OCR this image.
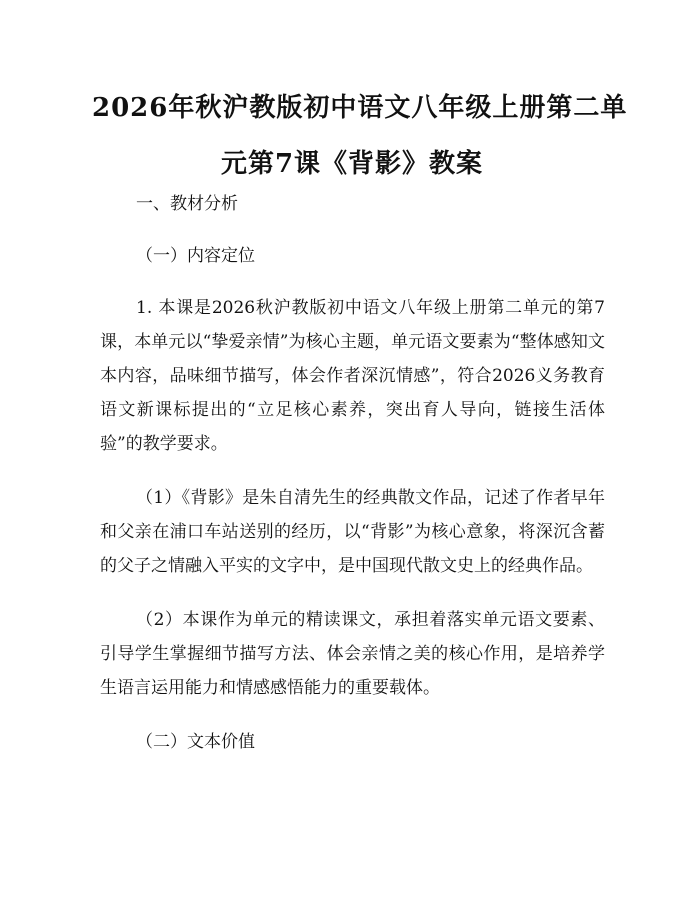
2026年秋沪教版初中语文八年级上册第二单
元第7课《背影》教案
一、教材分析
（一）内容定位

1. 本课是2026秋沪教版初中语文八年级上册第二单元的第7课，本单元以“挚爱亲情”为核心主题，单元语文要素为“整体感知文本内容，品味细节描写，体会作者深沉情感”，符合2026义务教育语文新课标提出的“立足核心素养，突出育人导向，链接生活体验”的教学要求。

（1）《背影》是朱自清先生的经典散文作品，记述了作者早年和父亲在浦口车站送别的经历，以“背影”为核心意象，将深沉含蓄的父子之情融入平实的文字中，是中国现代散文史上的经典作品。

（2）本课作为单元的精读课文，承担着落实单元语文要素、引导学生掌握细节描写方法、体会亲情之美的核心作用，是培养学生语言运用能力和情感感悟能力的重要载体。

（二）文本价值
